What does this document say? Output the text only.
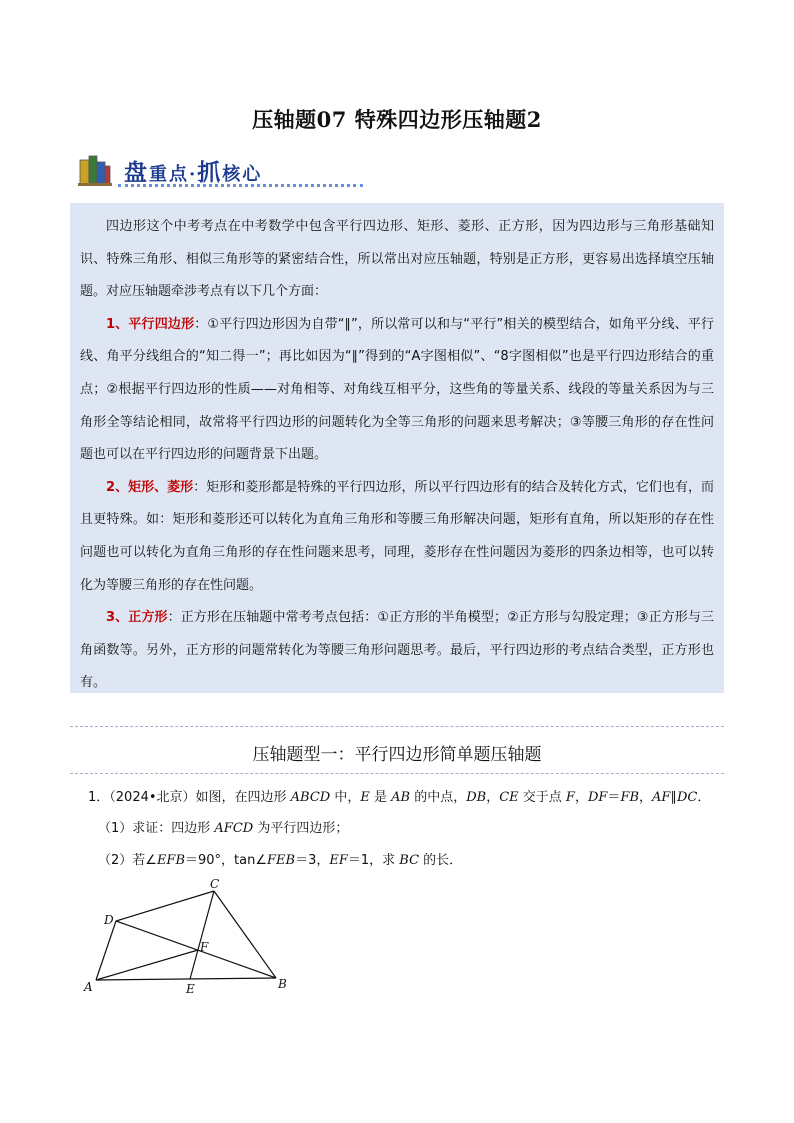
压轴题07 特殊四边形压轴题2
盘重点·抓核心

四边形这个中考考点在中考数学中包含平行四边形、矩形、菱形、正方形，因为四边形与三角形基础知识、特殊三角形、相似三角形等的紧密结合性，所以常出对应压轴题，特别是正方形，更容易出选择填空压轴题。对应压轴题牵涉考点有以下几个方面：

1、平行四边形：①平行四边形因为自带“∥”，所以常可以和与“平行”相关的模型结合，如角平分线、平行线、角平分线组合的“知二得一”；再比如因为“∥”得到的“A字图相似”、“8字图相似”也是平行四边形结合的重点；②根据平行四边形的性质——对角相等、对角线互相平分，这些角的等量关系、线段的等量关系因为与三角形全等结论相同，故常将平行四边形的问题转化为全等三角形的问题来思考解决；③等腰三角形的存在性问题也可以在平行四边形的问题背景下出题。

2、矩形、菱形：矩形和菱形都是特殊的平行四边形，所以平行四边形有的结合及转化方式，它们也有，而且更特殊。如：矩形和菱形还可以转化为直角三角形和等腰三角形解决问题，矩形有直角，所以矩形的存在性问题也可以转化为直角三角形的存在性问题来思考，同理，菱形存在性问题因为菱形的四条边相等，也可以转化为等腰三角形的存在性问题。

3、正方形：正方形在压轴题中常考考点包括：①正方形的半角模型；②正方形与勾股定理；③正方形与三角函数等。另外，正方形的问题常转化为等腰三角形问题思考。最后，平行四边形的考点结合类型，正方形也有。

压轴题型一：平行四边形简单题压轴题
1．（2024•北京）如图，在四边形 ABCD 中，E 是 AB 的中点，DB，CE 交于点 F，DF＝FB，AF∥DC．
（1）求证：四边形 AFCD 为平行四边形；
（2）若∠EFB＝90°，tan∠FEB＝3，EF＝1，求 BC 的长．
A	B
C
D
E
F
